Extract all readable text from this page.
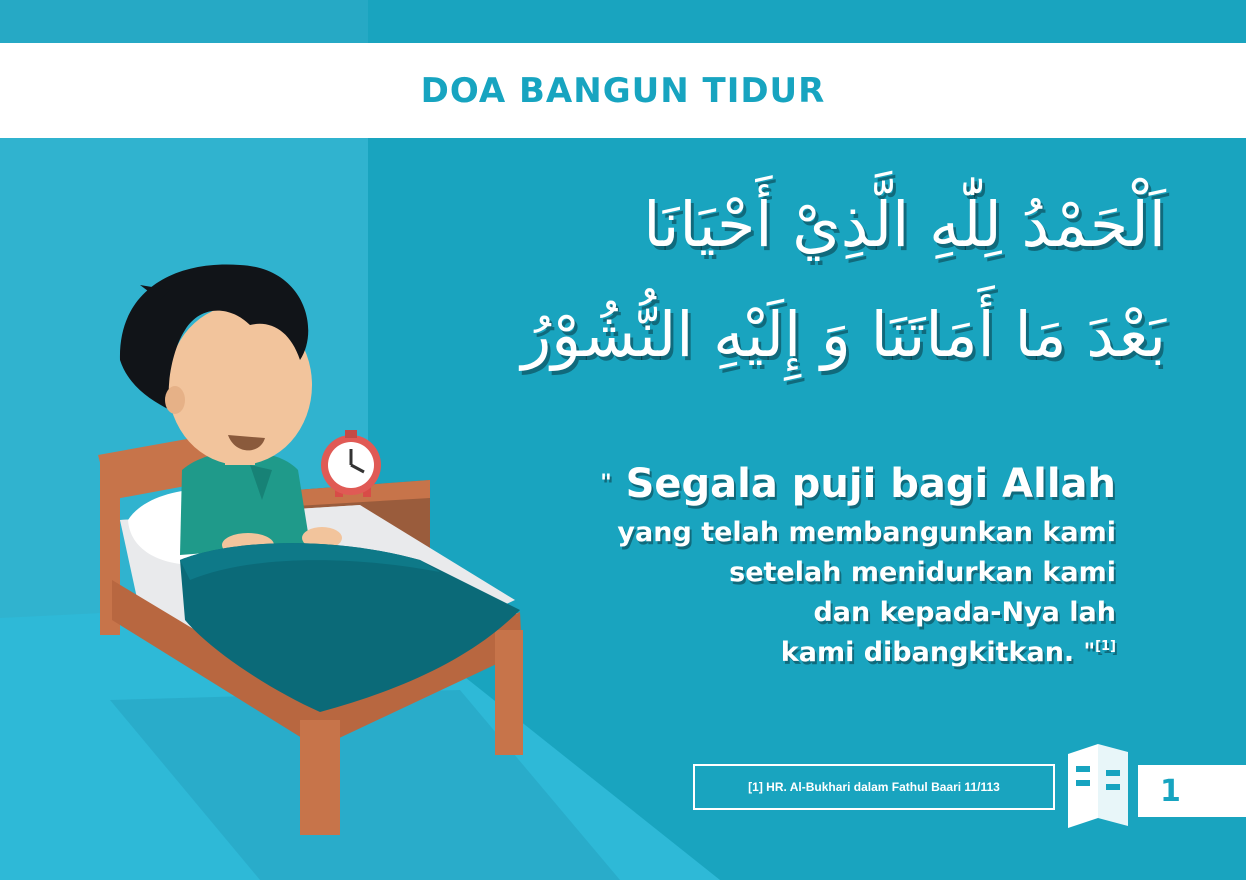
DOA BANGUN TIDUR
اَلْحَمْدُ لِلّٰهِ الَّذِيْ أَحْيَانَا
بَعْدَ مَا أَمَاتَنَا وَ إِلَيْهِ النُّشُوْرُ
" Segala puji bagi Allah
yang telah membangunkan kami
setelah menidurkan kami
dan kepada-Nya lah
kami dibangkitkan. $^{"[1]}$
[1] HR. Al-Bukhari dalam Fathul Baari 11/113	1
